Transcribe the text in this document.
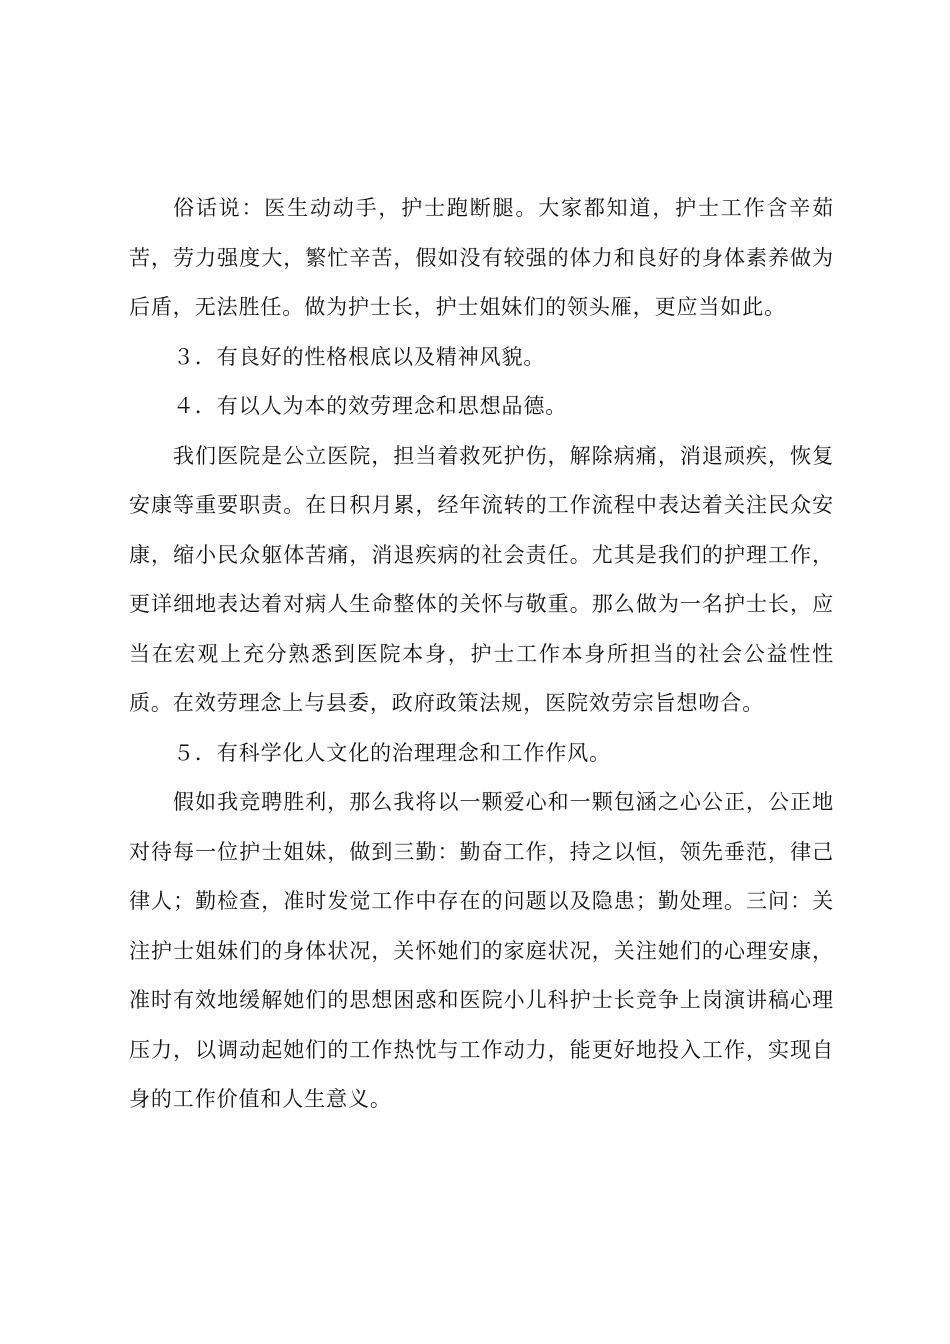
俗话说：医生动动手，护士跑断腿。大家都知道，护士工作含辛茹苦，劳力强度大，繁忙辛苦，假如没有较强的体力和良好的身体素养做为后盾，无法胜任。做为护士长，护士姐妹们的领头雁，更应当如此。

３．有良好的性格根底以及精神风貌。

４．有以人为本的效劳理念和思想品德。

我们医院是公立医院，担当着救死护伤，解除病痛，消退顽疾，恢复安康等重要职责。在日积月累，经年流转的工作流程中表达着关注民众安康，缩小民众躯体苦痛，消退疾病的社会责任。尤其是我们的护理工作，更详细地表达着对病人生命整体的关怀与敬重。那么做为一名护士长，应当在宏观上充分熟悉到医院本身，护士工作本身所担当的社会公益性性质。在效劳理念上与县委，政府政策法规，医院效劳宗旨想吻合。

５．有科学化人文化的治理理念和工作作风。

假如我竞聘胜利，那么我将以一颗爱心和一颗包涵之心公正，公正地对待每一位护士姐妹，做到三勤：勤奋工作，持之以恒，领先垂范，律己律人；勤检查，准时发觉工作中存在的问题以及隐患；勤处理。三问：关注护士姐妹们的身体状况，关怀她们的家庭状况，关注她们的心理安康，准时有效地缓解她们的思想困惑和医院小儿科护士长竞争上岗演讲稿心理压力，以调动起她们的工作热忱与工作动力，能更好地投入工作，实现自身的工作价值和人生意义。
